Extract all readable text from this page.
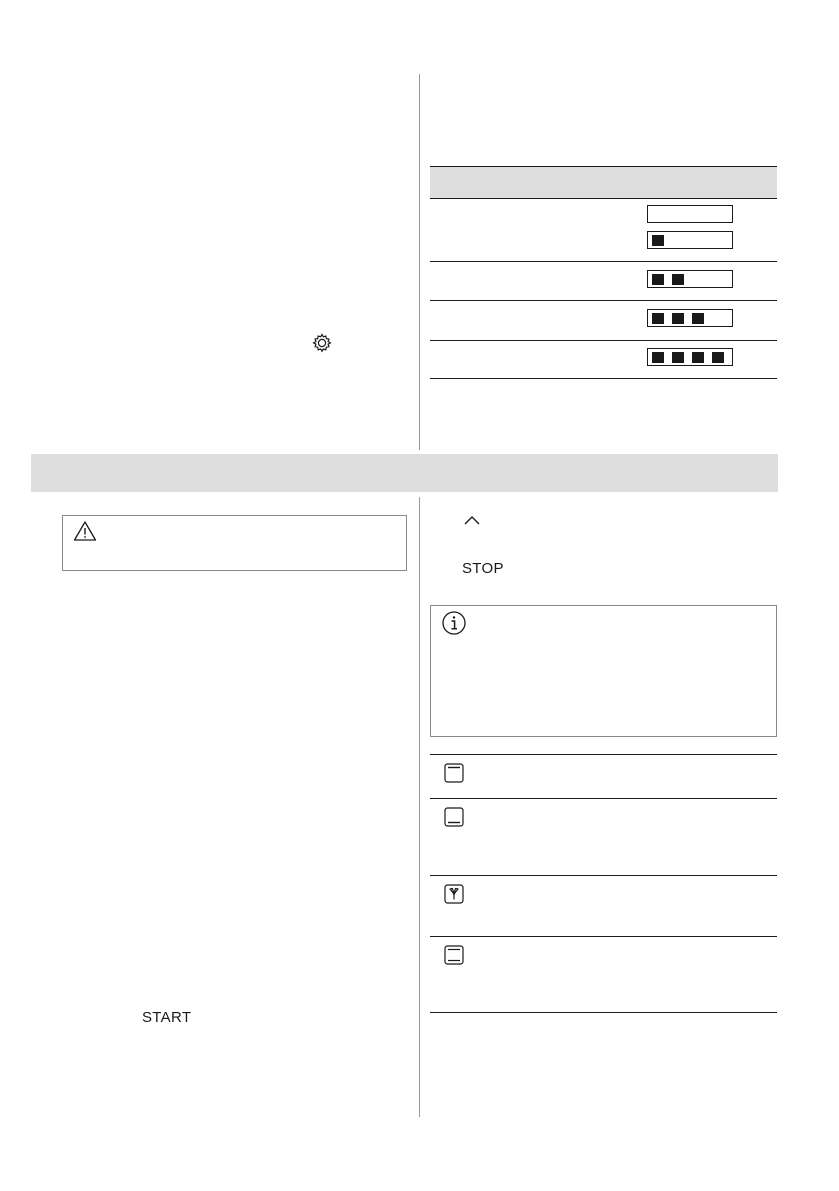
START
STOP
